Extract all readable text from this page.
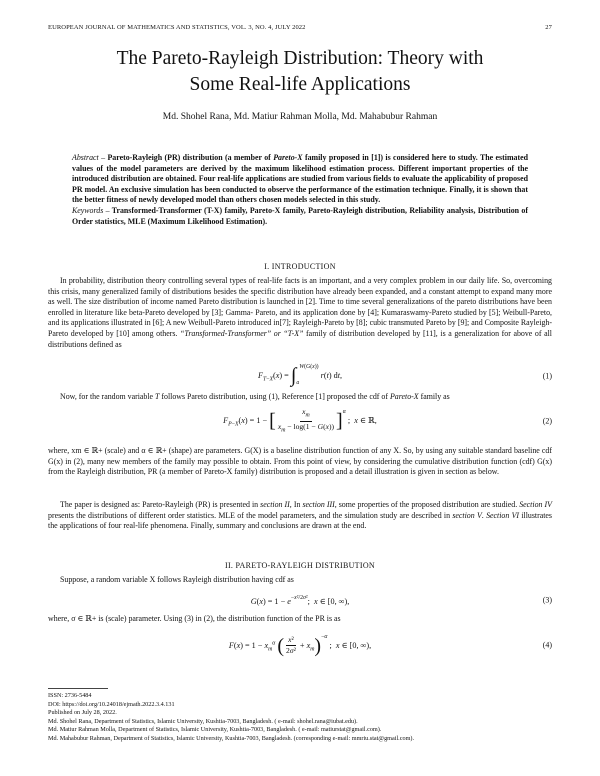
EUROPEAN JOURNAL OF MATHEMATICS AND STATISTICS, VOL. 3, NO. 4, JULY 2022	27
The Pareto-Rayleigh Distribution: Theory with
Some Real-life Applications
Md. Shohel Rana, Md. Matiur Rahman Molla, Md. Mahabubur Rahman
Abstract – Pareto-Rayleigh (PR) distribution (a member of Pareto-X family proposed in [1]) is considered here to study. The estimated values of the model parameters are derived by the maximum likelihood estimation process. Different important properties of the introduced distribution are obtained. Four real-life applications are studied from various fields to evaluate the applicability of proposed PR model. An exclusive simulation has been conducted to observe the performance of the estimation technique. Finally, it is shown that the better fitness of newly developed model than others chosen models selected in this study.
Keywords – Transformed-Transformer (T-X) family, Pareto-X family, Pareto-Rayleigh distribution, Reliability analysis, Distribution of Order statistics, MLE (Maximum Likelihood Estimation).
I. INTRODUCTION
In probability, distribution theory controlling several types of real-life facts is an important, and a very complex problem in our daily life. So, overcoming this crisis, many generalized family of distributions besides the specific distribution have already been expanded, and a constant attempt to expand many more as well. The size distribution of income named Pareto distribution is launched in [2]. Time to time several generalizations of the pareto distributions have been enrolled in literature like beta-Pareto developed by [3]; Gamma- Pareto, and its application done by [4]; Kumaraswamy-Pareto studied by [5]; Weibull-Pareto, and its applications illustrated in [6]; A new Weibull-Pareto introduced in[7]; Rayleigh-Pareto by [8]; cubic transmuted Pareto by [9]; and Composite Rayleigh-Pareto developed by [10] among others. “Transformed-Transformer” or “T-X” family of distribution developed by [11], is a generalization for above of all distributions defined as
$F_{T-X}(x) = \int_a^{W(G(x))}$ r(t) dt,	(1)
Now, for the random variable T follows Pareto distribution, using (1), Reference [1] proposed the cdf of Pareto-X family as
$F_{P-X}(x) = 1$ − [ $\frac{x_m}{x_m - \log(1 - G(x))} ]^\alpha$ ;  x ∈ ℝ,	(2)
where, xm ∈ ℝ+ (scale) and α ∈ ℝ+ (shape) are parameters. G(X) is a baseline distribution function of any X. So, by using any suitable standard baseline cdf G(x) in (2), many new members of the family may possible to obtain. From this point of view, by considering the cumulative distribution function (cdf) G(x) from the Rayleigh distribution, PR (a member of Pareto-X family) distribution is proposed and a detail illustration is given in section as below.
The paper is designed as: Pareto-Rayleigh (PR) is presented in section II, In section III, some properties of the proposed distribution are studied. Section IV presents the distributions of different order statistics. MLE of the model parameters, and the simulation study are described in section V. Section VI illustrates the applications of four real-life phenomena. Finally, summary and conclusions are drawn at the end.
II. PARETO-RAYLEIGH DISTRIBUTION
Suppose, a random variable X follows Rayleigh distribution having cdf as
$G(x) = 1 - e^{-x^2/2\sigma^2}$;  x ∈ [0, ∞),	(3)
where, σ ∈ ℝ+ is (scale) parameter. Using (3) in (2), the distribution function of the PR is as
$F(x) = 1 - x_m^\alpha$ ( $\frac{\text{x²}}{\text{2σ²}} + x_m)^{-\alpha}$ ;  x ∈ [0, ∞),	(4)
ISSN: 2736-5484
DOI: https://doi.org/10.24018/ejmath.2022.3.4.131
Published on July 28, 2022.
Md. Shohel Rana, Department of Statistics, Islamic University, Kushtia-7003, Bangladesh. ( e-mail: shohel.rana@iubat.edu).
Md. Matiur Rahman Molla, Department of Statistics, Islamic University, Kushtia-7003, Bangladesh. ( e-mail: matiurstat@gmail.com).
Md. Mahabubur Rahman, Department of Statistics, Islamic University, Kushtia-7003, Bangladesh. (corresponding e-mail: mmriu.stat@gmail.com).
